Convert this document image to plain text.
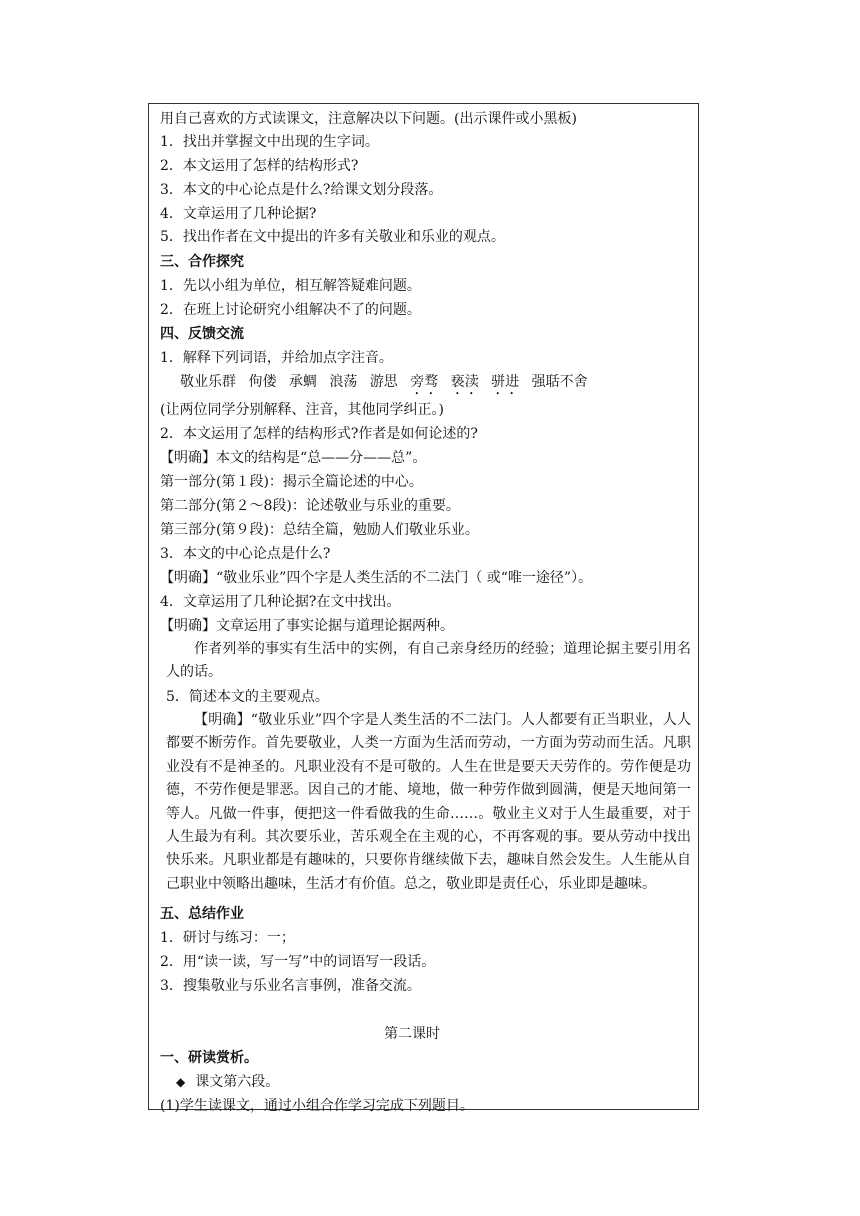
用自己喜欢的方式读课文，注意解决以下问题。(出示课件或小黑板)
1．找出并掌握文中出现的生字词。
2．本文运用了怎样的结构形式?
3．本文的中心论点是什么?给课文划分段落。
4．文章运用了几种论据?
5．找出作者在文中提出的许多有关敬业和乐业的观点。
三、合作探究
1．先以小组为单位，相互解答疑难问题。
2．在班上讨论研究小组解决不了的问题。
四、反馈交流
1．解释下列词语，并给加点字注音。
敬业乐群 佝偻 承蜩 浪荡 游思 旁骛 亵渎 骈进 强聒不舍
(让两位同学分别解释、注音，其他同学纠正。)
2．本文运用了怎样的结构形式?作者是如何论述的?
【明确】本文的结构是“总——分——总”。
第一部分(第１段)：揭示全篇论述的中心。
第二部分(第２～8段)：论述敬业与乐业的重要。
第三部分(第９段)：总结全篇，勉励人们敬业乐业。
3．本文的中心论点是什么?
【明确】“敬业乐业”四个字是人类生活的不二法门（ 或“唯一途径”）。
4．文章运用了几种论据?在文中找出。
【明确】文章运用了事实论据与道理论据两种。
作者列举的事实有生活中的实例，有自己亲身经历的经验；道理论据主要引用名人的话。
5．简述本文的主要观点。
【明确】“敬业乐业”四个字是人类生活的不二法门。人人都要有正当职业，人人都要不断劳作。首先要敬业，人类一方面为生活而劳动，一方面为劳动而生活。凡职业没有不是神圣的。凡职业没有不是可敬的。人生在世是要天天劳作的。劳作便是功德，不劳作便是罪恶。因自己的才能、境地，做一种劳作做到圆满，便是天地间第一等人。凡做一件事，便把这一件看做我的生命……。敬业主义对于人生最重要，对于人生最为有利。其次要乐业，苦乐观全在主观的心，不再客观的事。要从劳动中找出快乐来。凡职业都是有趣味的，只要你肯继续做下去，趣味自然会发生。人生能从自己职业中领略出趣味，生活才有价值。总之，敬业即是责任心，乐业即是趣味。
五、总结作业
1．研讨与练习：一；
2．用“读一读，写一写”中的词语写一段话。
3．搜集敬业与乐业名言事例，准备交流。
第二课时
一、研读赏析。
◆ 课文第六段。
(1)学生读课文，通过小组合作学习完成下列题目。
